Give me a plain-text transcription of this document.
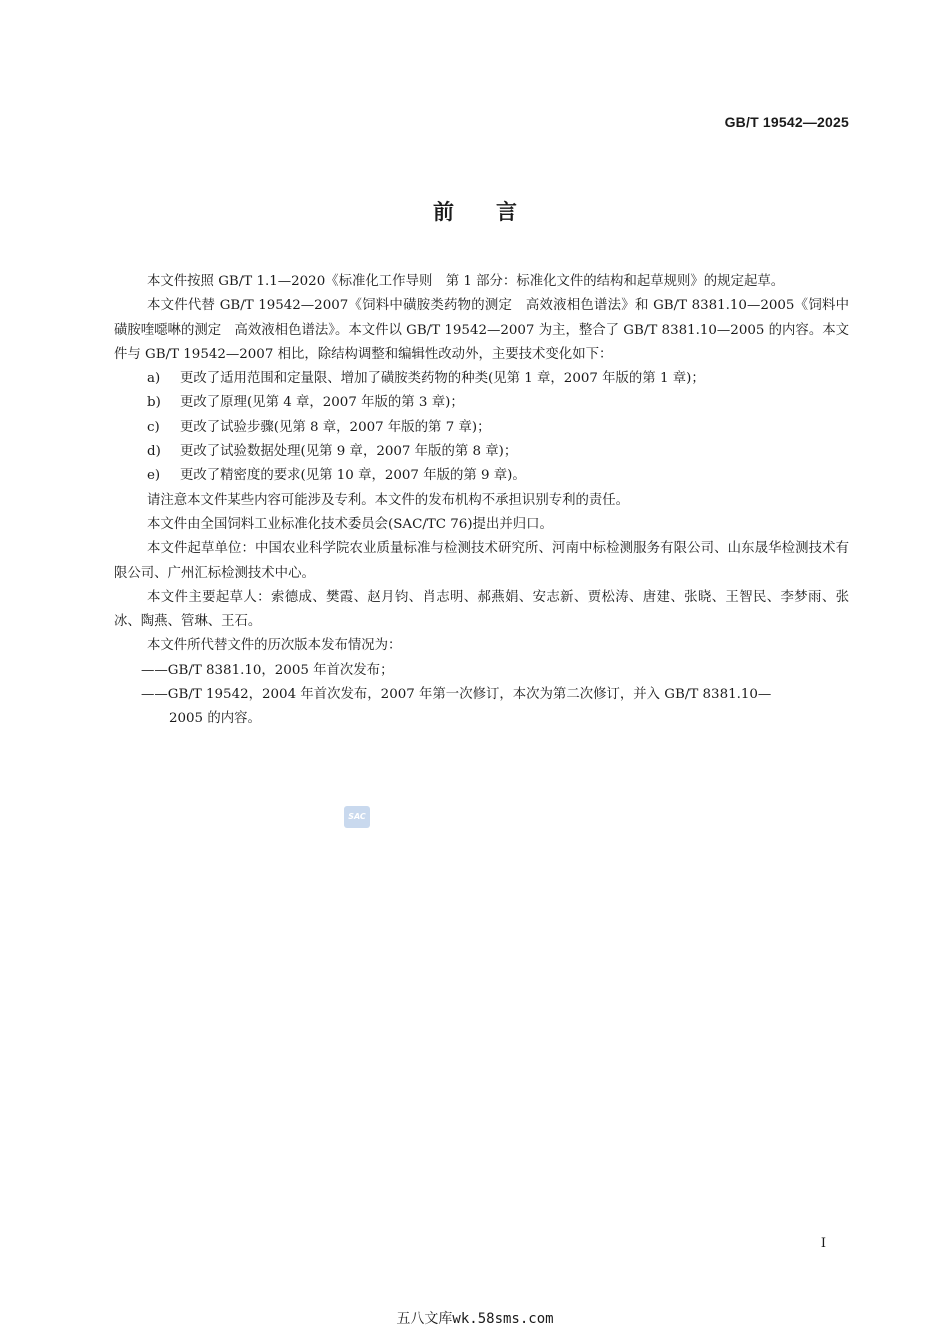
GB/T 19542—2025
前　　言

本文件按照 GB/T 1.1—2020《标准化工作导则　第 1 部分：标准化文件的结构和起草规则》的规定起草。

本文件代替 GB/T 19542—2007《饲料中磺胺类药物的测定　高效液相色谱法》和 GB/T 8381.10—2005《饲料中磺胺喹噁啉的测定　高效液相色谱法》。本文件以 GB/T 19542—2007 为主，整合了 GB/T 8381.10—2005 的内容。本文件与 GB/T 19542—2007 相比，除结构调整和编辑性改动外，主要技术变化如下：

a)	更改了适用范围和定量限、增加了磺胺类药物的种类(见第 1 章，2007 年版的第 1 章)；
b)	更改了原理(见第 4 章，2007 年版的第 3 章)；
c)	更改了试验步骤(见第 8 章，2007 年版的第 7 章)；
d)	更改了试验数据处理(见第 9 章，2007 年版的第 8 章)；
e)	更改了精密度的要求(见第 10 章，2007 年版的第 9 章)。

请注意本文件某些内容可能涉及专利。本文件的发布机构不承担识别专利的责任。

本文件由全国饲料工业标准化技术委员会(SAC/TC 76)提出并归口。

本文件起草单位：中国农业科学院农业质量标准与检测技术研究所、河南中标检测服务有限公司、山东晟华检测技术有限公司、广州汇标检测技术中心。

本文件主要起草人：索德成、樊霞、赵月钧、肖志明、郝燕娟、安志新、贾松涛、唐建、张晓、王智民、李梦雨、张冰、陶燕、管琳、王石。

本文件所代替文件的历次版本发布情况为：

——GB/T 8381.10，2005 年首次发布；
——GB/T 19542，2004 年首次发布，2007 年第一次修订，本次为第二次修订，并入 GB/T 8381.10—
2005 的内容。
SAC
I
五八文库wk.58sms.com
